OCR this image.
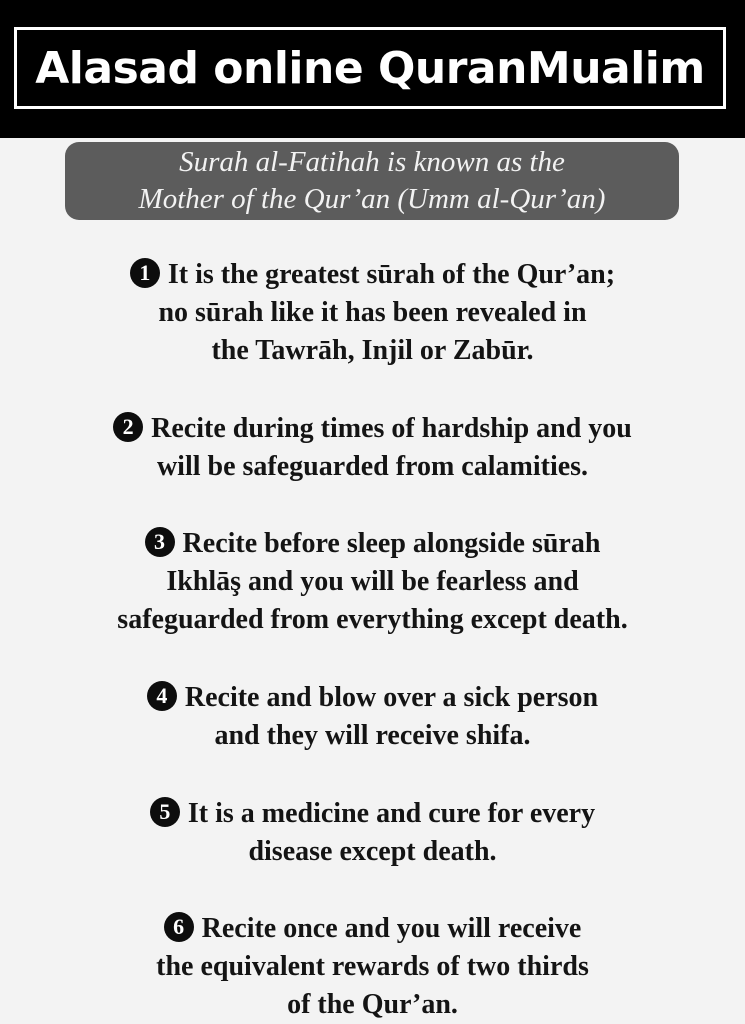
Alasad online QuranMualim
Surah al-Fatihah is known as the
Mother of the Qur’an (Umm al-Qur’an)
1 It is the greatest sūrah of the Qur’an;
no sūrah like it has been revealed in
the Tawrāh, Injil or Zabūr.
2 Recite during times of hardship and you
will be safeguarded from calamities.
3 Recite before sleep alongside sūrah
Ikhlāş and you will be fearless and
safeguarded from everything except death.
4 Recite and blow over a sick person
and they will receive shifa.
5 It is a medicine and cure for every
disease except death.
6 Recite once and you will receive
the equivalent rewards of two thirds
of the Qur’an.
